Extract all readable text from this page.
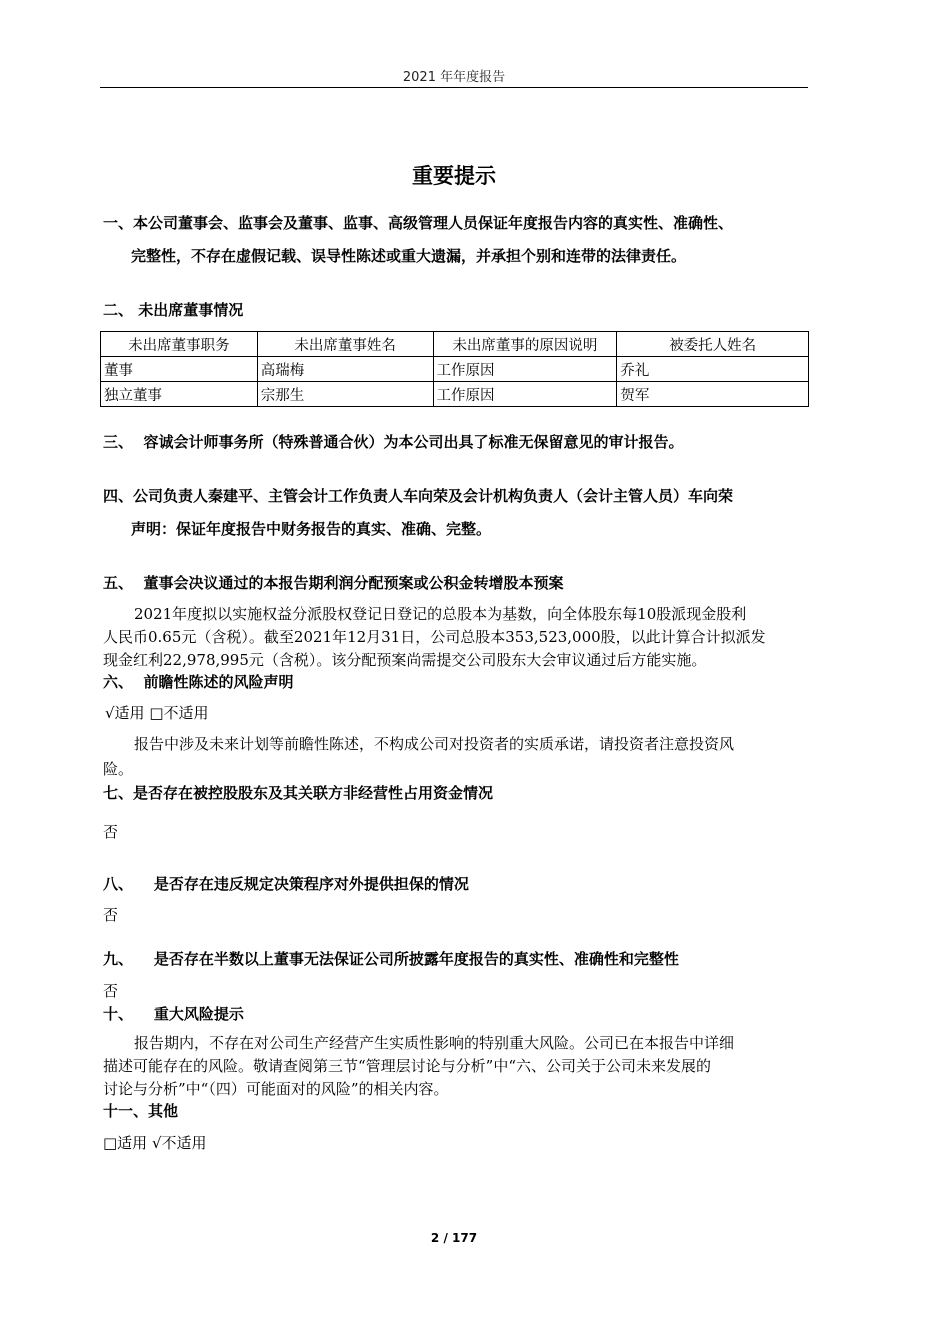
2021 年年度报告
重要提示
一、本公司董事会、监事会及董事、监事、高级管理人员保证年度报告内容的真实性、准确性、
完整性，不存在虚假记载、误导性陈述或重大遗漏，并承担个别和连带的法律责任。
二、 未出席董事情况
未出席董事职务	未出席董事姓名	未出席董事的原因说明	被委托人姓名
董事	高瑞梅	工作原因	乔礼
独立董事	宗那生	工作原因	贺军
三、 容诚会计师事务所（特殊普通合伙）为本公司出具了标准无保留意见的审计报告。
四、公司负责人秦建平、主管会计工作负责人车向荣及会计机构负责人（会计主管人员）车向荣
声明：保证年度报告中财务报告的真实、准确、完整。
五、 董事会决议通过的本报告期利润分配预案或公积金转增股本预案
2021年度拟以实施权益分派股权登记日登记的总股本为基数，向全体股东每10股派现金股利
人民币0.65元（含税）。截至2021年12月31日，公司总股本353,523,000股，以此计算合计拟派发
现金红利22,978,995元（含税）。该分配预案尚需提交公司股东大会审议通过后方能实施。
六、 前瞻性陈述的风险声明
√适用 □不适用
报告中涉及未来计划等前瞻性陈述，不构成公司对投资者的实质承诺，请投资者注意投资风
险。
七、是否存在被控股股东及其关联方非经营性占用资金情况
否
八、 是否存在违反规定决策程序对外提供担保的情况
否
九、 是否存在半数以上董事无法保证公司所披露年度报告的真实性、准确性和完整性
否
十、 重大风险提示
报告期内，不存在对公司生产经营产生实质性影响的特别重大风险。公司已在本报告中详细
描述可能存在的风险。敬请查阅第三节“管理层讨论与分析”中“六、公司关于公司未来发展的
讨论与分析”中“（四）可能面对的风险”的相关内容。
十一、其他
□适用 √不适用
2 / 177
